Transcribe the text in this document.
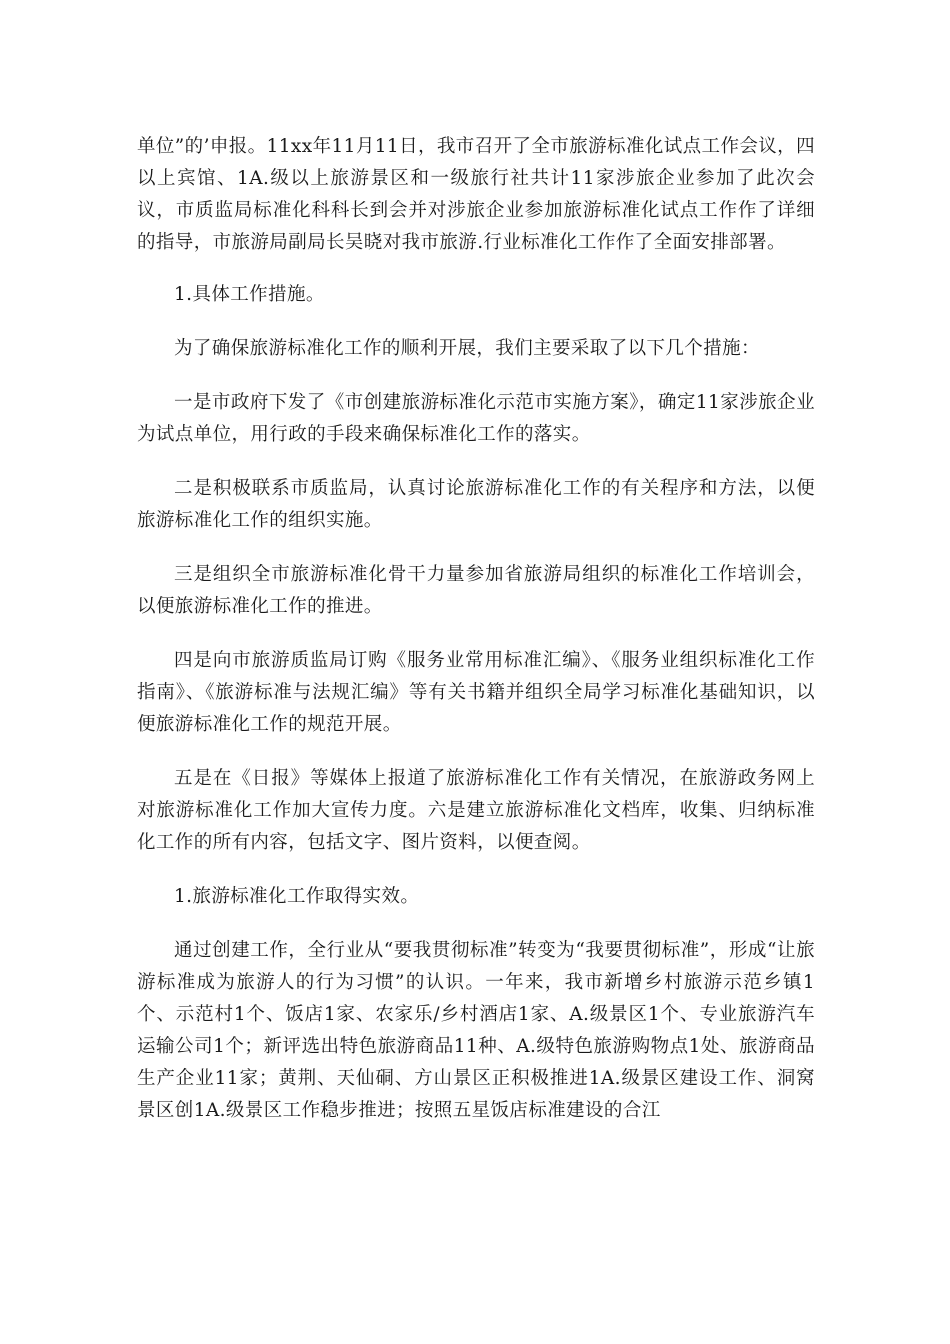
单位”的’申报。11xx年11月11日，我市召开了全市旅游标准化试点工作会议，四以上宾馆、1A.级以上旅游景区和一级旅行社共计11家涉旅企业参加了此次会议，市质监局标准化科科长到会并对涉旅企业参加旅游标准化试点工作作了详细的指导，市旅游局副局长吴晓对我市旅游.行业标准化工作作了全面安排部署。

1.具体工作措施。

为了确保旅游标准化工作的顺利开展，我们主要采取了以下几个措施：

一是市政府下发了《市创建旅游标准化示范市实施方案》，确定11家涉旅企业为试点单位，用行政的手段来确保标准化工作的落实。

二是积极联系市质监局，认真讨论旅游标准化工作的有关程序和方法，以便旅游标准化工作的组织实施。

三是组织全市旅游标准化骨干力量参加省旅游局组织的标准化工作培训会，以便旅游标准化工作的推进。

四是向市旅游质监局订购《服务业常用标准汇编》、《服务业组织标准化工作指南》、《旅游标准与法规汇编》等有关书籍并组织全局学习标准化基础知识，以便旅游标准化工作的规范开展。

五是在《日报》等媒体上报道了旅游标准化工作有关情况，在旅游政务网上对旅游标准化工作加大宣传力度。六是建立旅游标准化文档库，收集、归纳标准化工作的所有内容，包括文字、图片资料，以便查阅。

1.旅游标准化工作取得实效。

通过创建工作，全行业从“要我贯彻标准”转变为“我要贯彻标准”，形成“让旅游标准成为旅游人的行为习惯”的认识。一年来，我市新增乡村旅游示范乡镇1个、示范村1个、饭店1家、农家乐/乡村酒店1家、A.级景区1个、专业旅游汽车运输公司1个；新评选出特色旅游商品11种、A.级特色旅游购物点1处、旅游商品生产企业11家；黄荆、天仙硐、方山景区正积极推进1A.级景区建设工作、洞窝景区创1A.级景区工作稳步推进；按照五星饭店标准建设的合江
